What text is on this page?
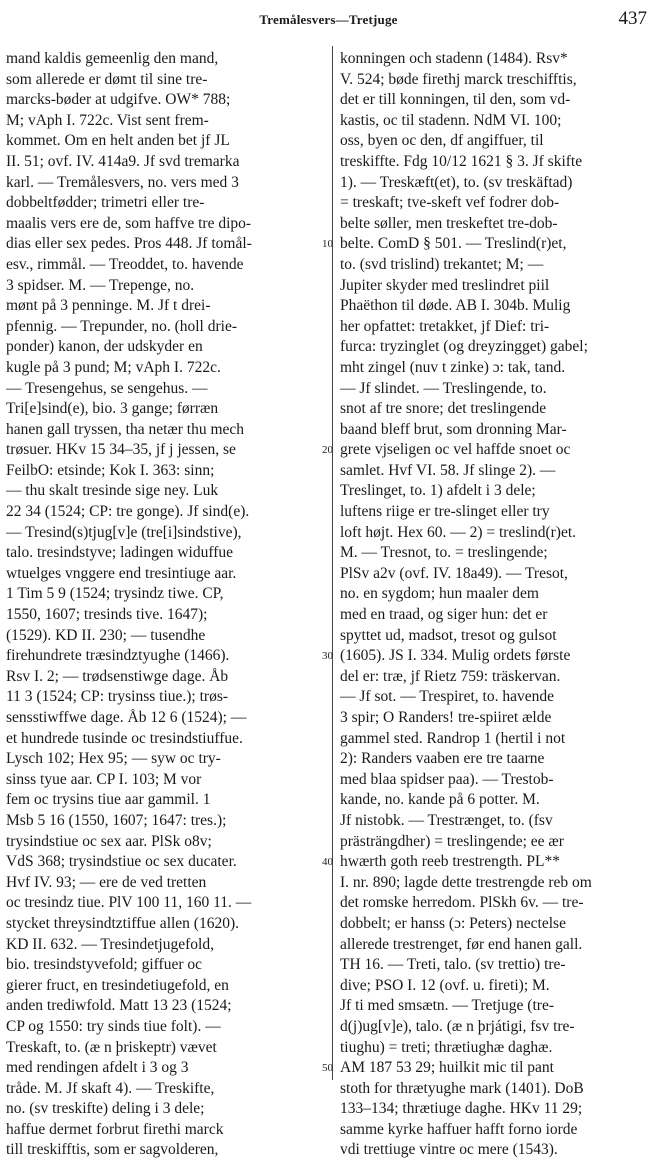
Tremålesvers—Tretjuge	437
mand kaldis gemeenlig den mand,
som allerede er dømt til sine tre-
marcks-bøder at udgifve. OW* 788;
M; vAph I. 722c. Vist sent frem-
kommet. Om en helt anden bet jf JL
II. 51; ovf. IV. 414a9. Jf svd tremarka
karl. — Tremålesvers, no. vers med 3
dobbeltfødder; trimetri eller tre-
maalis vers ere de, som haffve tre dipo-
dias eller sex pedes. Pros 448. Jf tomål-
esv., rimmål. — Treoddet, to. havende
3 spidser. M. — Trepenge, no.
mønt på 3 penninge. M. Jf t drei-
pfennig. — Trepunder, no. (holl drie-
ponder) kanon, der udskyder en
kugle på 3 pund; M; vAph I. 722c.
— Tresengehus, se sengehus. —
Tri[e]sind(e), bio. 3 gange; førræn
hanen gall tryssen, tha netær thu mech
trøsuer. HKv 15 34–35, jf j jessen, se
FeilbO: etsinde; Kok I. 363: sinn;
— thu skalt tresinde sige ney. Luk
22 34 (1524; CP: tre gonge). Jf sind(e).
— Tresind(s)tjug[v]e (tre[i]sindstive),
talo. tresindstyve; ladingen widuffue
wtuelges vnggere end tresintiuge aar.
1 Tim 5 9 (1524; trysindz tiwe. CP,
1550, 1607; tresinds tive. 1647);
(1529). KD II. 230; — tusendhe
firehundrete træsindztyughe (1466).
Rsv I. 2; — trødsenstiwge dage. Åb
11 3 (1524; CP: trysinss tiue.); trøs-
sensstiwffwe dage. Åb 12 6 (1524); —
et hundrede tusinde oc tresindstiuffue.
Lysch 102; Hex 95; — syw oc try-
sinss tyue aar. CP I. 103; M vor
fem oc trysins tiue aar gammil. 1
Msb 5 16 (1550, 1607; 1647: tres.);
trysindstiue oc sex aar. PlSk o8v;
VdS 368; trysindstiue oc sex ducater.
Hvf IV. 93; — ere de ved tretten
oc tresindz tiue. PlV 100 11, 160 11. —
stycket threysindtztiffue allen (1620).
KD II. 632. — Tresindetjugefold,
bio. tresindstyvefold; giffuer oc
gierer fruct, en tresindetiugefold, en
anden trediwfold. Matt 13 23 (1524;
CP og 1550: try sinds tiue folt). —
Treskaft, to. (æ n þriskeptr) vævet
med rendingen afdelt i 3 og 3
tråde. M. Jf skaft 4). — Treskifte,
no. (sv treskifte) deling i 3 dele;
haffue dermet forbrut firethi marck
till treskifftis, som er sagvolderen,
konningen och stadenn (1484). Rsv*
V. 524; bøde firethj marck treschifftis,
det er till konningen, til den, som vd-
kastis, oc til stadenn. NdM VI. 100;
oss, byen oc den, df angiffuer, til
treskiffte. Fdg 10/12 1621 § 3. Jf skifte
1). — Treskæft(et), to. (sv treskäftad)
= treskaft; tve-skeft vef fodrer dob-
belte søller, men treskeftet tre-dob-
belte. ComD § 501. — Treslind(r)et,
to. (svd trislind) trekantet; M; —
Jupiter skyder med treslindret piil
Phaëthon til døde. AB I. 304b. Mulig
her opfattet: tretakket, jf Dief: tri-
furca: tryzinglet (og dreyzingget) gabel;
mht zingel (nuv t zinke) ɔ: tak, tand.
— Jf slindet. — Treslingende, to.
snot af tre snore; det treslingende
baand bleff brut, som dronning Mar-
grete vjseligen oc vel haffde snoet oc
samlet. Hvf VI. 58. Jf slinge 2). —
Treslinget, to. 1) afdelt i 3 dele;
luftens riige er tre-slinget eller try
loft højt. Hex 60. — 2) = treslind(r)et.
M. — Tresnot, to. = treslingende;
PlSv a2v (ovf. IV. 18a49). — Tresot,
no. en sygdom; hun maaler dem
med en traad, og siger hun: det er
spyttet ud, madsot, tresot og gulsot
(1605). JS I. 334. Mulig ordets første
del er: træ, jf Rietz 759: träskervan.
— Jf sot. — Trespiret, to. havende
3 spir; O Randers! tre-spiiret ælde
gammel sted. Randrop 1 (hertil i not
2): Randers vaaben ere tre taarne
med blaa spidser paa). — Trestob-
kande, no. kande på 6 potter. M.
Jf nistobk. — Trestrænget, to. (fsv
prästrängdher) = treslingende; ee ær
hwærth goth reeb trestrength. PL**
I. nr. 890; lagde dette trestrengde reb om
det romske herredom. PlSkh 6v. — tre-
dobbelt; er hanss (ɔ: Peters) nectelse
allerede trestrenget, før end hanen gall.
TH 16. — Treti, talo. (sv trettio) tre-
dive; PSO I. 12 (ovf. u. fireti); M.
Jf ti med smsætn. — Tretjuge (tre-
d(j)ug[v]e), talo. (æ n þrjátigi, fsv tre-
tiughu) = treti; thrætiughæ daghæ.
AM 187 53 29; huilkit mic til pant
stoth for thrætyughe mark (1401). DoB
133–134; thrætiuge daghe. HKv 11 29;
samme kyrke haffuer hafft forno iorde
vdi trettiuge vintre oc mere (1543).
10
20
30
40
50
